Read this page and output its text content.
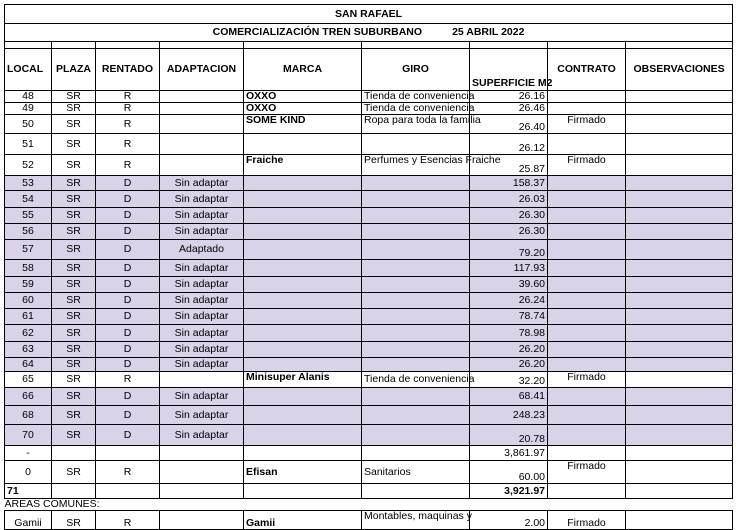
SAN RAFAEL								
COMERCIALIZACIÓN TREN SUBURBANO 25 ABRIL 2022								

LOCAL	PLAZA	RENTADO	ADAPTACION	MARCA	GIRO	SUPERFICIE M2	CONTRATO	OBSERVACIONES
48	SR	R		OXXO	Tienda de conveniencia	26.16		
49	SR	R		OXXO	Tienda de conveniencia	26.46		
50	SR	R		SOME KIND	Ropa para toda la familia	26.40	Firmado	
51	SR	R				26.12		
52	SR	R		Fraiche	Perfumes y Esencias Fraiche	25.87	Firmado	
53	SR	D	Sin adaptar			158.37		
54	SR	D	Sin adaptar			26.03		
55	SR	D	Sin adaptar			26.30		
56	SR	D	Sin adaptar			26.30		
57	SR	D	Adaptado			79.20		
58	SR	D	Sin adaptar			117.93		
59	SR	D	Sin adaptar			39.60		
60	SR	D	Sin adaptar			26.24		
61	SR	D	Sin adaptar			78.74		
62	SR	D	Sin adaptar			78.98		
63	SR	D	Sin adaptar			26.20		
64	SR	D	Sin adaptar			26.20		
65	SR	R		Minisuper Alanis	Tienda de conveniencia	32.20	Firmado	
66	SR	D	Sin adaptar			68.41		
68	SR	D	Sin adaptar			248.23		
70	SR	D	Sin adaptar			20.78		
-						3,861.97		
0	SR	R		Efisan	Sanitarios	60.00	Firmado	
71						3,921.97		
AREAS COMUNES:								
Gamii	SR	R		Gamii	Montables, maquinas y	2.00	Firmado	
